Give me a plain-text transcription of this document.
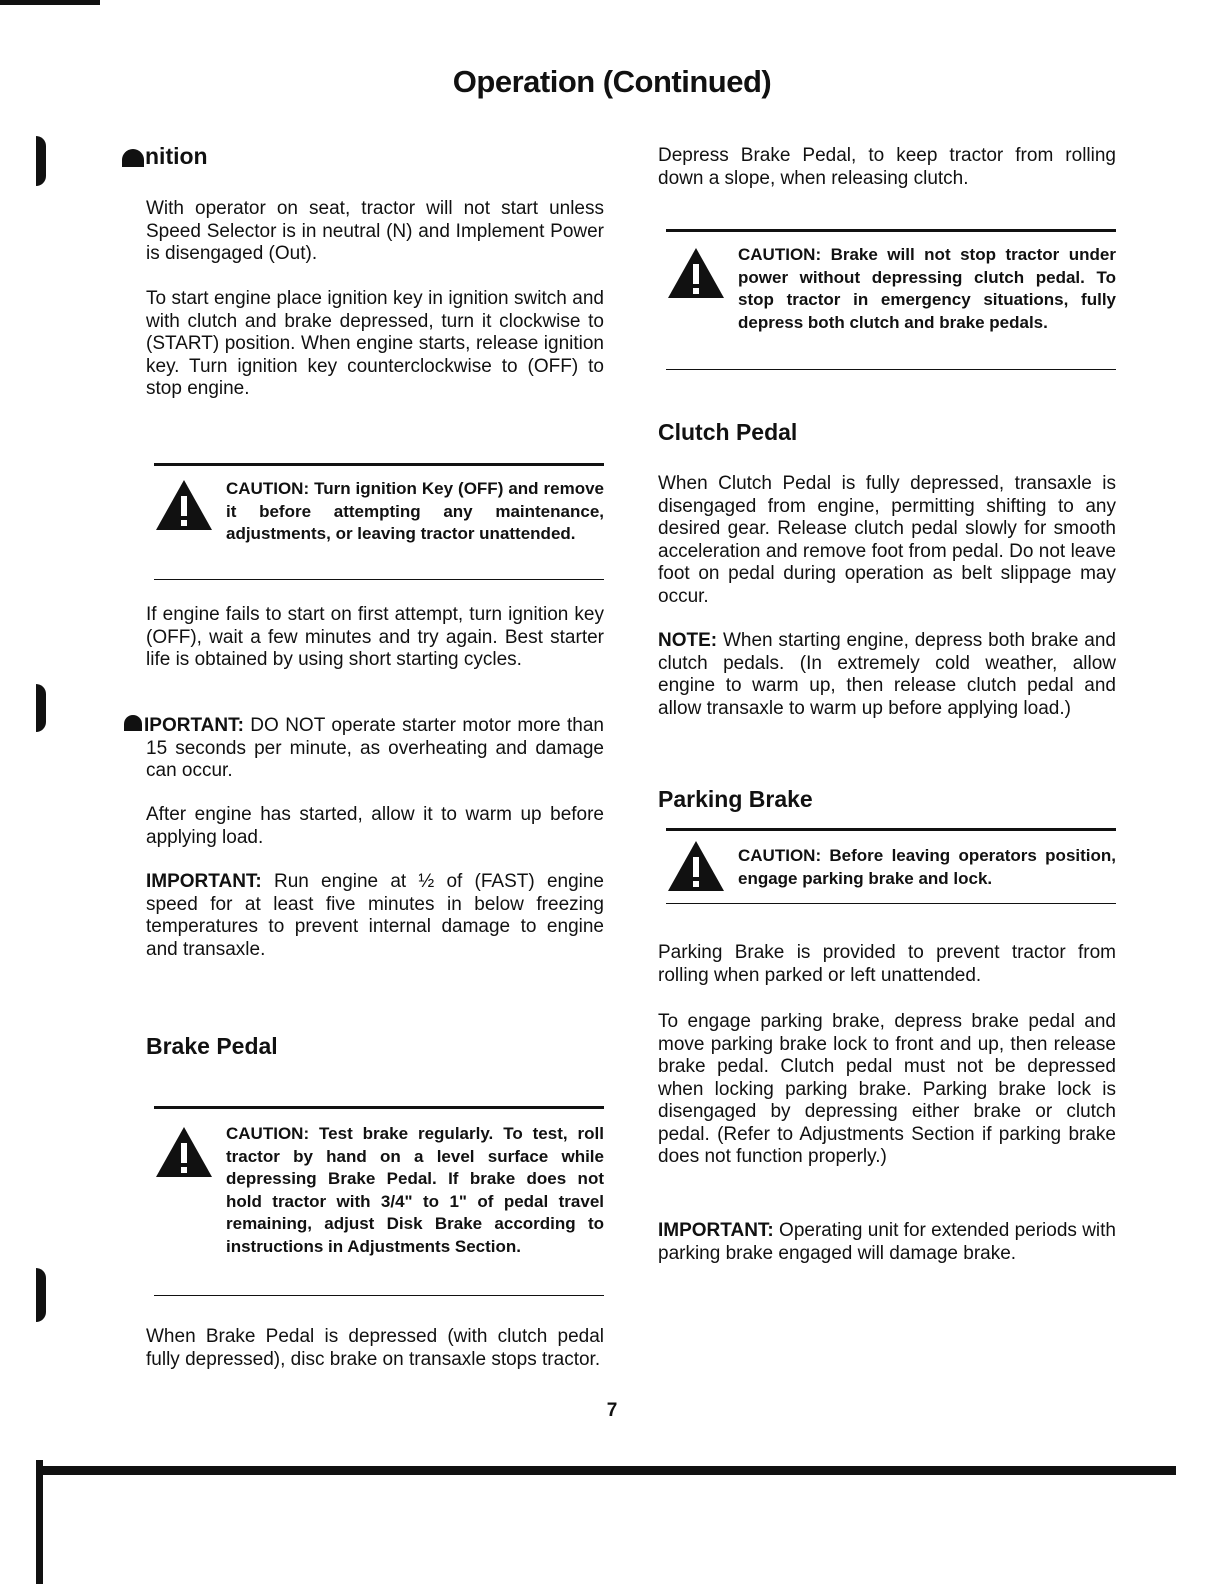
Operation (Continued)
nition

With operator on seat, tractor will not start unless Speed Selector is in neutral (N) and Implement Power is disengaged (Out).

To start engine place ignition key in ignition switch and with clutch and brake depressed, turn it clockwise to (START) position. When engine starts, release ignition key. Turn ignition key counterclockwise to (OFF) to stop engine.

CAUTION: Turn ignition Key (OFF) and remove it before attempting any maintenance, adjustments, or leaving tractor unattended.

If engine fails to start on first attempt, turn ignition key (OFF), wait a few minutes and try again. Best starter life is obtained by using short starting cycles.

IPORTANT: DO NOT operate starter motor more than 15 seconds per minute, as overheating and damage can occur.

After engine has started, allow it to warm up before applying load.

IMPORTANT: Run engine at ½ of (FAST) engine speed for at least five minutes in below freezing temperatures to prevent internal damage to engine and transaxle.

Brake Pedal

CAUTION: Test brake regularly. To test, roll tractor by hand on a level surface while depressing Brake Pedal. If brake does not hold tractor with 3/4" to 1" of pedal travel remaining, adjust Disk Brake according to instructions in Adjustments Section.

When Brake Pedal is depressed (with clutch pedal fully depressed), disc brake on transaxle stops tractor.

Depress Brake Pedal, to keep tractor from rolling down a slope, when releasing clutch.

CAUTION: Brake will not stop tractor under power without depressing clutch pedal. To stop tractor in emergency situations, fully depress both clutch and brake pedals.

Clutch Pedal

When Clutch Pedal is fully depressed, transaxle is disengaged from engine, permitting shifting to any desired gear. Release clutch pedal slowly for smooth acceleration and remove foot from pedal. Do not leave foot on pedal during operation as belt slippage may occur.

NOTE: When starting engine, depress both brake and clutch pedals. (In extremely cold weather, allow engine to warm up, then release clutch pedal and allow transaxle to warm up before applying load.)

Parking Brake

CAUTION: Before leaving operators position, engage parking brake and lock.

Parking Brake is provided to prevent tractor from rolling when parked or left unattended.

To engage parking brake, depress brake pedal and move parking brake lock to front and up, then release brake pedal. Clutch pedal must not be depressed when locking parking brake. Parking brake lock is disengaged by depressing either brake or clutch pedal. (Refer to Adjustments Section if parking brake does not function properly.)

IMPORTANT: Operating unit for extended periods with parking brake engaged will damage brake.

7
